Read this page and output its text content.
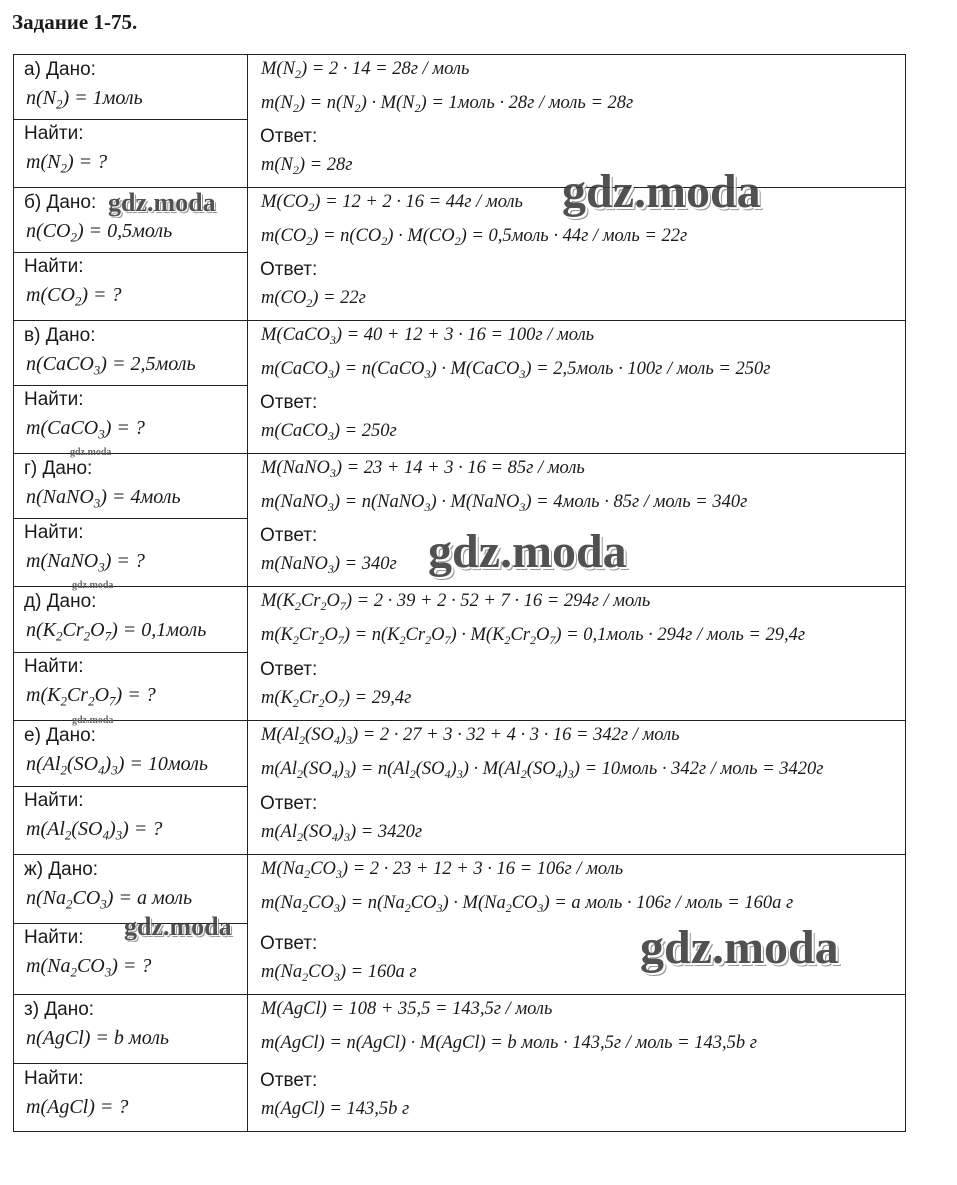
Задание 1-75.
а) Дано:
$n(N_2)$ = 1моль
Найти:
$m(N_2)$ = ?
$M(N_2) = 2 \cdot 14 = 28г$ / моль
$m(N_2) = n(N_2) \cdot M(N_2)$ = 1моль · 28г / моль = 28г
Ответ:
$m(N_2) = 28г$
б) Дано:
$n(CO_2)$ = 0,5моль
Найти:
$m(CO_2)$ = ?
$M(CO_2) = 12 + 2 \cdot 16 = 44г$ / моль
$m(CO_2) = n(CO_2) \cdot M(CO_2)$ = 0,5моль · 44г / моль = 22г
Ответ:
$m(CO_2) = 22г$
в) Дано:
n(CaCO$_3$) = 2,5моль
Найти:
m(CaCO$_3$) = ?
M(CaCO$_3$) = 40 + 12 + 3 · 16 = 100г / моль
m(CaCO$_3$) = n(CaCO$_3$) · M(CaCO$_3$) = 2,5моль · 100г / моль = 250г
Ответ:
m(CaCO$_3$) = 250г
г) Дано:
n(NaNO$_3$) = 4моль
Найти:
m(NaNO$_3$) = ?
M(NaNO$_3$) = 23 + 14 + 3 · 16 = 85г / моль
m(NaNO$_3$) = n(NaNO$_3$) · M(NaNO$_3$) = 4моль · 85г / моль = 340г
Ответ:
m(NaNO$_3$) = 340г
д) Дано:
$n(K_2Cr_2O_7)$ = 0,1моль
Найти:
$m(K_2Cr_2O_7)$ = ?
$M(K_2Cr_2O_7) = 2 \cdot 39 + 2 \cdot 52 + 7 \cdot 16 = 294г$ / моль
$m(K_2Cr_2O_7) = n(K_2Cr_2O_7) \cdot M(K_2Cr_2O_7)$ = 0,1моль · 294г / моль = 29,4г
Ответ:
$m(K_2Cr_2O_7) = 29,4г$
е) Дано:
$n(Al_2(SO_4)_3)$ = 10моль
Найти:
$m(Al_2(SO_4)_3)$ = ?
$M(Al_2(SO_4)_3) = 2 \cdot 27 + 3 \cdot 32 + 4 \cdot 3 \cdot 16 = 342г$ / моль
$m(Al_2(SO_4)_3) = n(Al_2(SO_4)_3) \cdot M(Al_2(SO_4)_3)$ = 10моль · 342г / моль = 3420г
Ответ:
$m(Al_2(SO_4)_3) = 3420г$
ж) Дано:
$n(Na_2CO_3) = a$ моль
Найти:
$m(Na_2CO_3)$ = ?
$M(Na_2CO_3) = 2 \cdot 23 + 12 + 3 \cdot 16 = 106г$ / моль
$m(Na_2CO_3) = n(Na_2CO_3) \cdot M(Na_2CO_3) = a$ моль · 106г / моль = 160a г
Ответ:
$m(Na_2CO_3) = 160a$ г
з) Дано:
n(AgCl) = b моль
Найти:
m(AgCl) = ?
M(AgCl) = 108 + 35,5 = 143,5г / моль
m(AgCl) = n(AgCl) · M(AgCl) = b моль · 143,5г / моль = 143,5b г
Ответ:
m(AgCl) = 143,5b г
gdz.moda
gdz.moda
gdz.moda
gdz.moda
gdz.moda
gdz.moda
gdz.moda
gdz.moda
